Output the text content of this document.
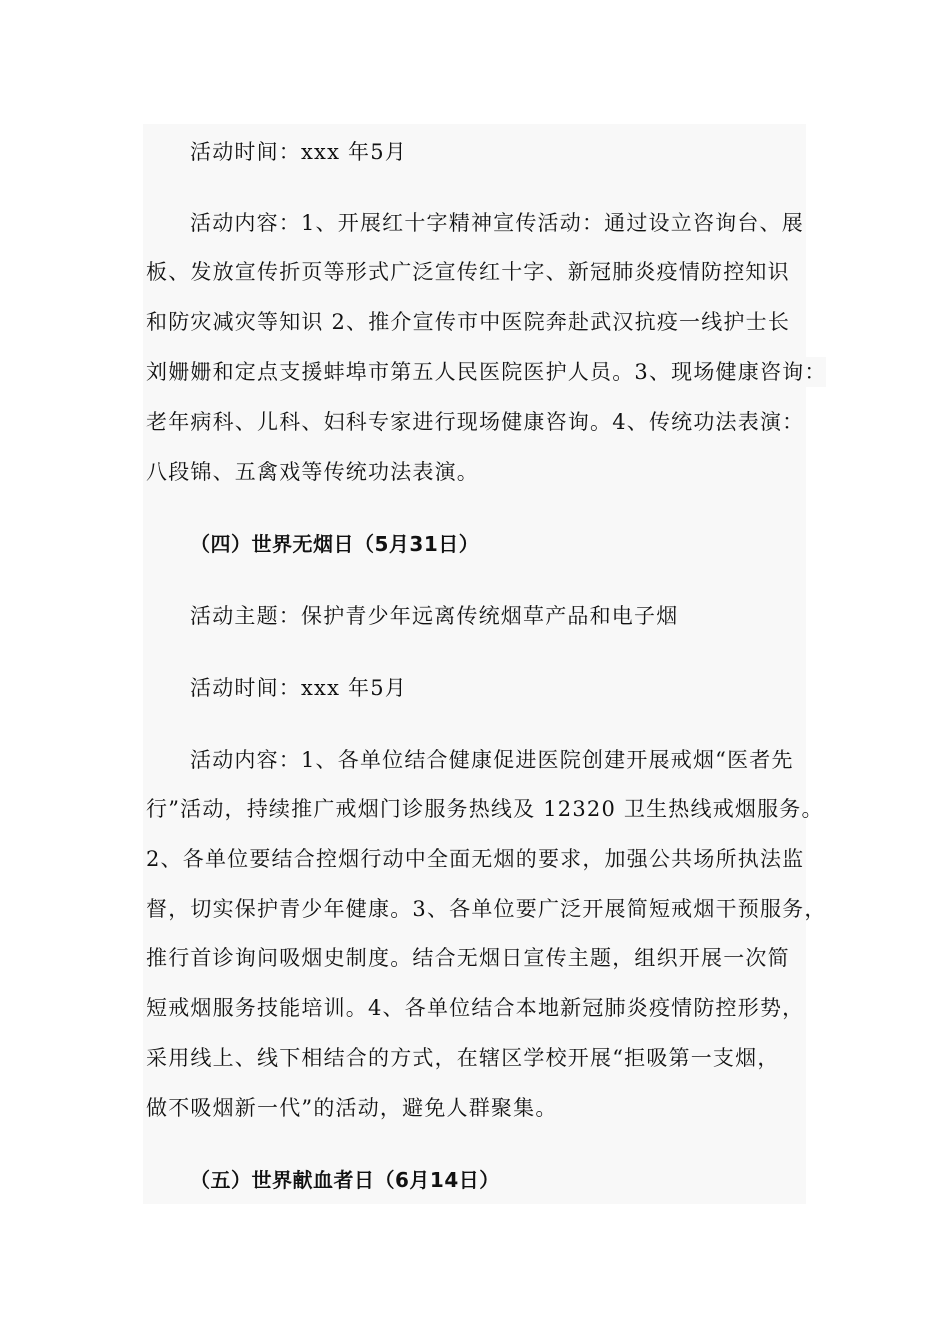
活动时间：xxx 年5月
活动内容：1、开展红十字精神宣传活动：通过设立咨询台、展
板、发放宣传折页等形式广泛宣传红十字、新冠肺炎疫情防控知识
和防灾减灾等知识 2、推介宣传市中医院奔赴武汉抗疫一线护士长
刘姗姗和定点支援蚌埠市第五人民医院医护人员。3、现场健康咨询：
老年病科、儿科、妇科专家进行现场健康咨询。4、传统功法表演：
八段锦、五禽戏等传统功法表演。
（四）世界无烟日（5月31日）
活动主题：保护青少年远离传统烟草产品和电子烟
活动时间：xxx 年5月
活动内容：1、各单位结合健康促进医院创建开展戒烟“医者先
行”活动，持续推广戒烟门诊服务热线及 12320 卫生热线戒烟服务。
2、各单位要结合控烟行动中全面无烟的要求，加强公共场所执法监
督，切实保护青少年健康。3、各单位要广泛开展简短戒烟干预服务，
推行首诊询问吸烟史制度。结合无烟日宣传主题，组织开展一次简
短戒烟服务技能培训。4、各单位结合本地新冠肺炎疫情防控形势，
采用线上、线下相结合的方式，在辖区学校开展“拒吸第一支烟，
做不吸烟新一代”的活动，避免人群聚集。
（五）世界献血者日（6月14日）
